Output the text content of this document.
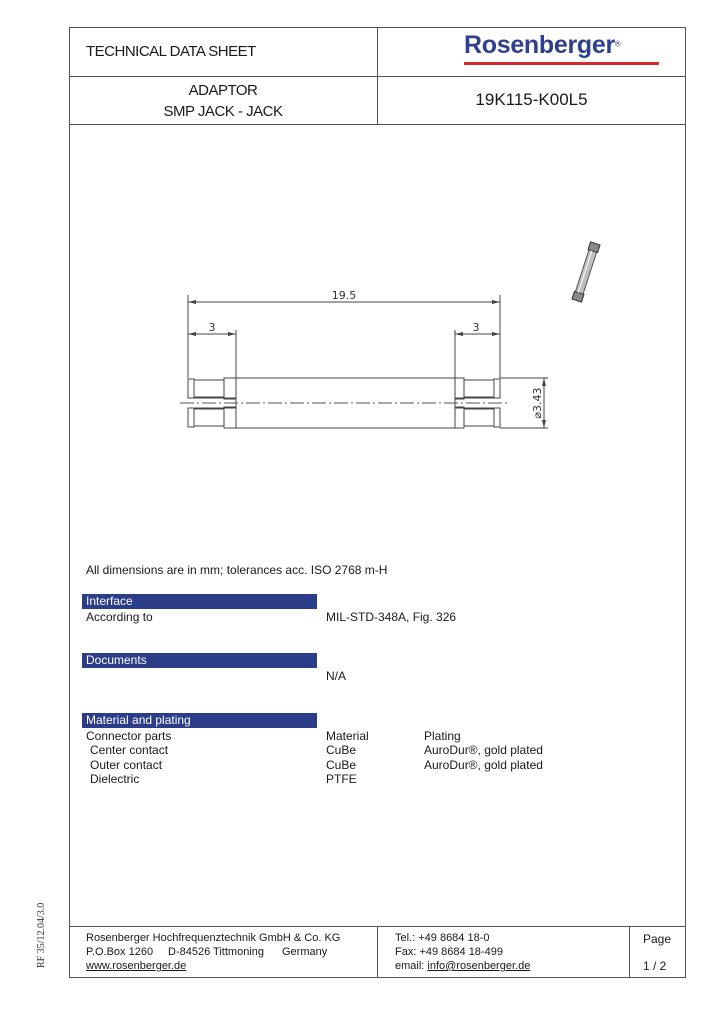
TECHNICAL DATA SHEET	Rosenberger®
ADAPTOR
SMP JACK - JACK
19K115-K00L5
19.5
3	3
⌀3.43
All dimensions are in mm; tolerances acc. ISO 2768 m-H
Interface
According to	MIL-STD-348A, Fig. 326
Documents
N/A
Material and plating
Connector parts	Material	Plating
Center contact	CuBe	AuroDur®, gold plated
Outer contact	CuBe	AuroDur®, gold plated
Dielectric	PTFE
Rosenberger Hochfrequenztechnik GmbH & Co. KG
P.O.Box 1260 D-84526 Tittmoning Germany
www.rosenberger.de
Tel.: +49 8684 18-0
Fax: +49 8684 18-499
email: info@rosenberger.de
Page
1 / 2
RF 35/12.04/3.0
